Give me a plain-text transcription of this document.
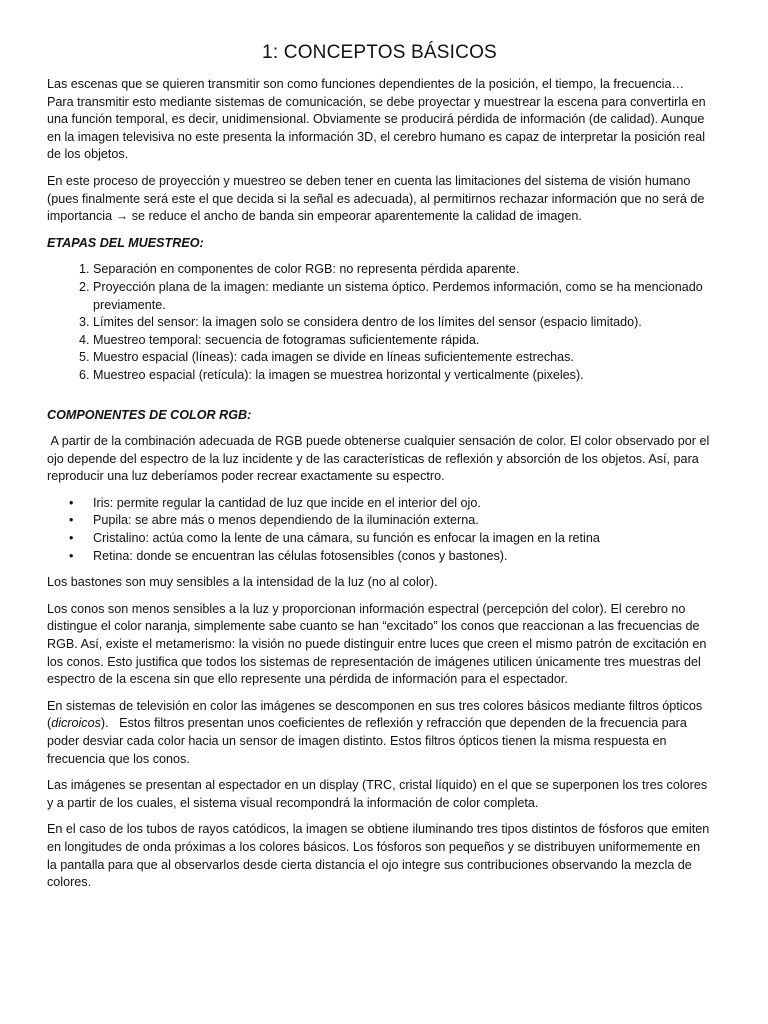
1: CONCEPTOS BÁSICOS

Las escenas que se quieren transmitir son como funciones dependientes de la posición, el tiempo, la frecuencia… Para transmitir esto mediante sistemas de comunicación, se debe proyectar y muestrear la escena para convertirla en una función temporal, es decir, unidimensional. Obviamente se producirá pérdida de información (de calidad). Aunque en la imagen televisiva no este presenta la información 3D, el cerebro humano es capaz de interpretar la posición real de los objetos.

En este proceso de proyección y muestreo se deben tener en cuenta las limitaciones del sistema de visión humano (pues finalmente será este el que decida si la señal es adecuada), al permitirnos rechazar información que no será de importancia → se reduce el ancho de banda sin empeorar aparentemente la calidad de imagen.

ETAPAS DEL MUESTREO:
1. Separación en componentes de color RGB: no representa pérdida aparente.
2. Proyección plana de la imagen: mediante un sistema óptico. Perdemos información, como se ha mencionado previamente.
3. Límites del sensor: la imagen solo se considera dentro de los límites del sensor (espacio limitado).
4. Muestreo temporal: secuencia de fotogramas suficientemente rápida.
5. Muestro espacial (líneas): cada imagen se divide en líneas suficientemente estrechas.
6. Muestreo espacial (retícula): la imagen se muestrea horizontal y verticalmente (pixeles).
COMPONENTES DE COLOR RGB:

A partir de la combinación adecuada de RGB puede obtenerse cualquier sensación de color. El color observado por el ojo depende del espectro de la luz incidente y de las características de reflexión y absorción de los objetos. Así, para reproducir una luz deberíamos poder recrear exactamente su espectro.

• Iris: permite regular la cantidad de luz que incide en el interior del ojo.
• Pupila: se abre más o menos dependiendo de la iluminación externa.
• Cristalino: actúa como la lente de una cámara, su función es enfocar la imagen en la retina
• Retina: donde se encuentran las células fotosensibles (conos y bastones).

Los bastones son muy sensibles a la intensidad de la luz (no al color).

Los conos son menos sensibles a la luz y proporcionan información espectral (percepción del color). El cerebro no distingue el color naranja, simplemente sabe cuanto se han “excitado” los conos que reaccionan a las frecuencias de RGB. Así, existe el metamerismo: la visión no puede distinguir entre luces que creen el mismo patrón de excitación en los conos. Esto justifica que todos los sistemas de representación de imágenes utilicen únicamente tres muestras del espectro de la escena sin que ello represente una pérdida de información para el espectador.

En sistemas de televisión en color las imágenes se descomponen en sus tres colores básicos mediante filtros ópticos (dicroicos).   Estos filtros presentan unos coeficientes de reflexión y refracción que dependen de la frecuencia para poder desviar cada color hacia un sensor de imagen distinto. Estos filtros ópticos tienen la misma respuesta en frecuencia que los conos.

Las imágenes se presentan al espectador en un display (TRC, cristal líquido) en el que se superponen los tres colores y a partir de los cuales, el sistema visual recompondrá la información de color completa.

En el caso de los tubos de rayos catódicos, la imagen se obtiene iluminando tres tipos distintos de fósforos que emiten en longitudes de onda próximas a los colores básicos. Los fósforos son pequeños y se distribuyen uniformemente en la pantalla para que al observarlos desde cierta distancia el ojo integre sus contribuciones observando la mezcla de colores.
